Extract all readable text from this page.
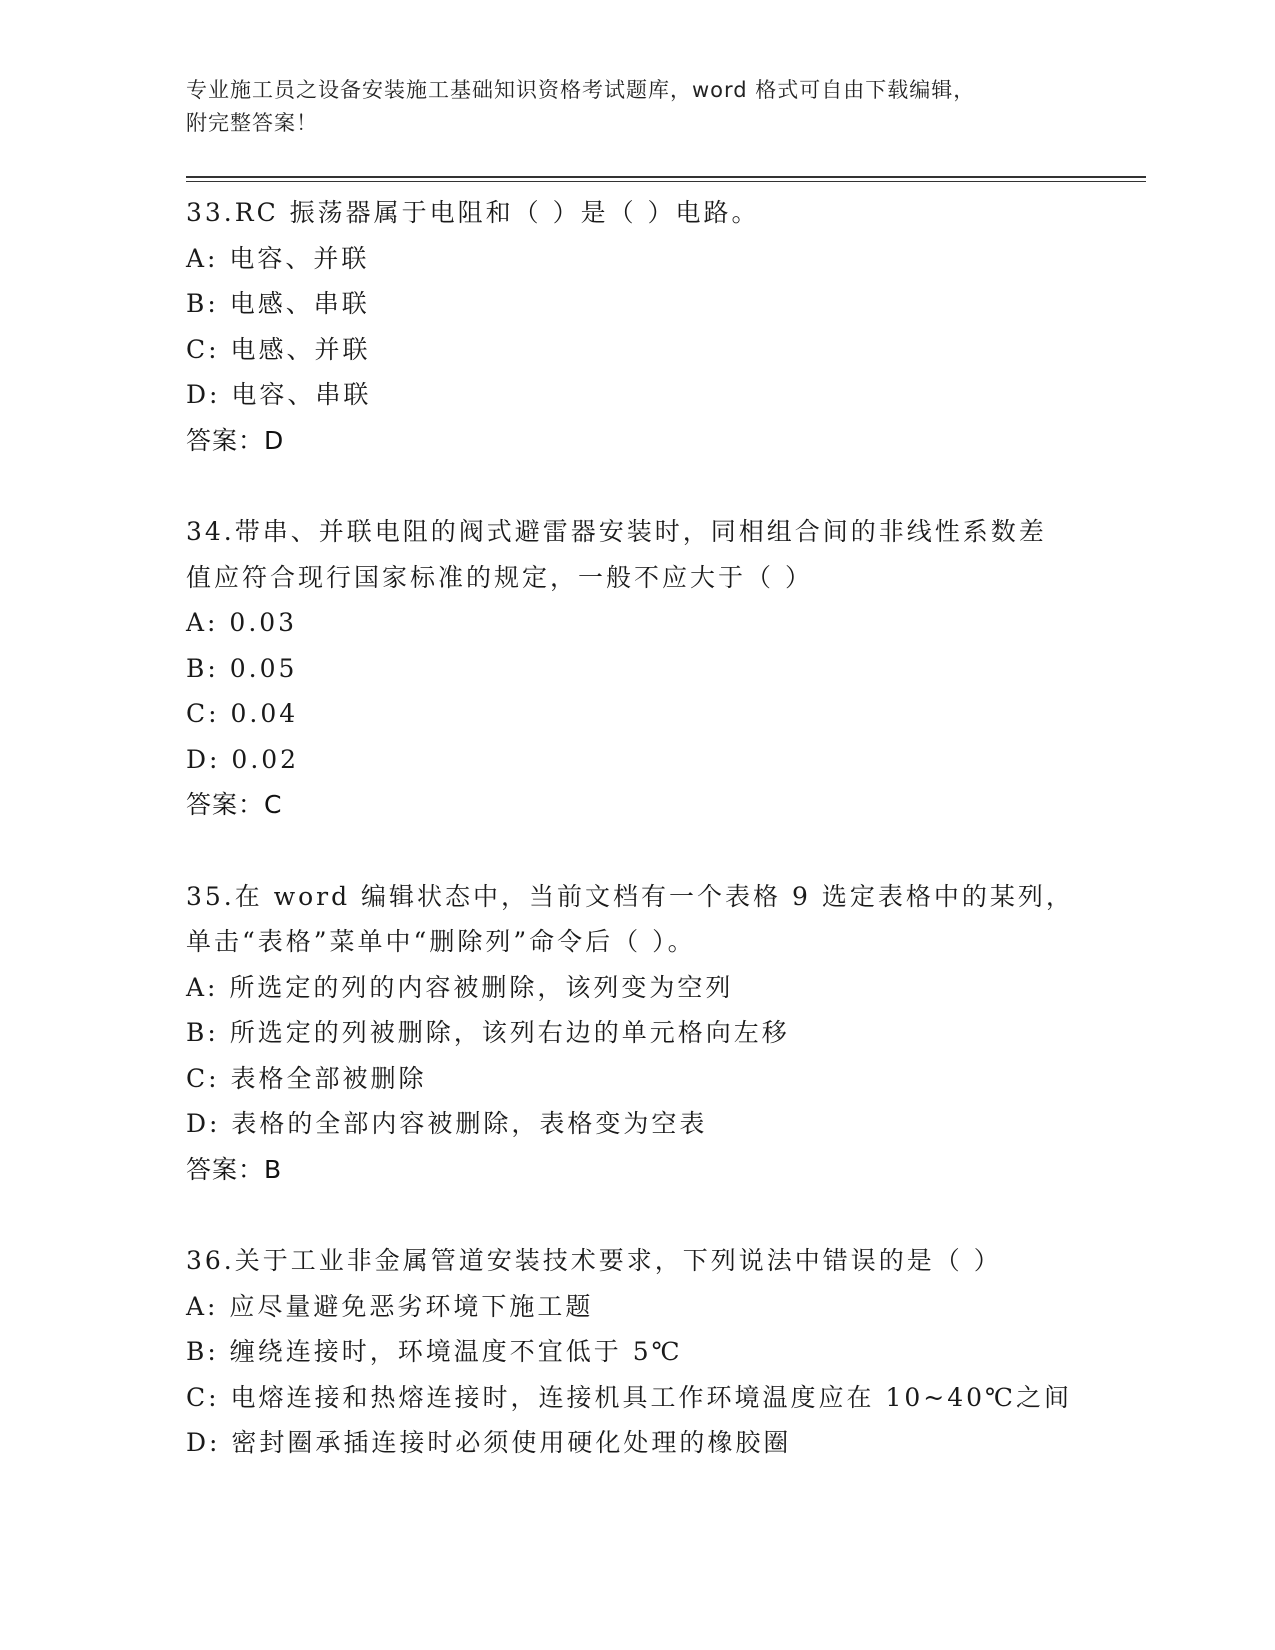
专业施工员之设备安装施工基础知识资格考试题库，word 格式可自由下载编辑，
附完整答案！
33.RC 振荡器属于电阻和（ ）是（ ）电路。
A: 电容、并联
B: 电感、串联
C: 电感、并联
D: 电容、串联
答案：D
34.带串、并联电阻的阀式避雷器安装时，同相组合间的非线性系数差
值应符合现行国家标准的规定，一般不应大于（ ）
A: 0.03
B: 0.05
C: 0.04
D: 0.02
答案：C
35.在 word 编辑状态中，当前文档有一个表格 9 选定表格中的某列，
单击“表格”菜单中“删除列”命令后（ ）。
A: 所选定的列的内容被删除，该列变为空列
B: 所选定的列被删除，该列右边的单元格向左移
C: 表格全部被删除
D: 表格的全部内容被删除，表格变为空表
答案：B
36.关于工业非金属管道安装技术要求，下列说法中错误的是（ ）
A: 应尽量避免恶劣环境下施工题
B: 缠绕连接时，环境温度不宜低于 5℃
C: 电熔连接和热熔连接时，连接机具工作环境温度应在 10~40℃之间
D: 密封圈承插连接时必须使用硬化处理的橡胶圈
